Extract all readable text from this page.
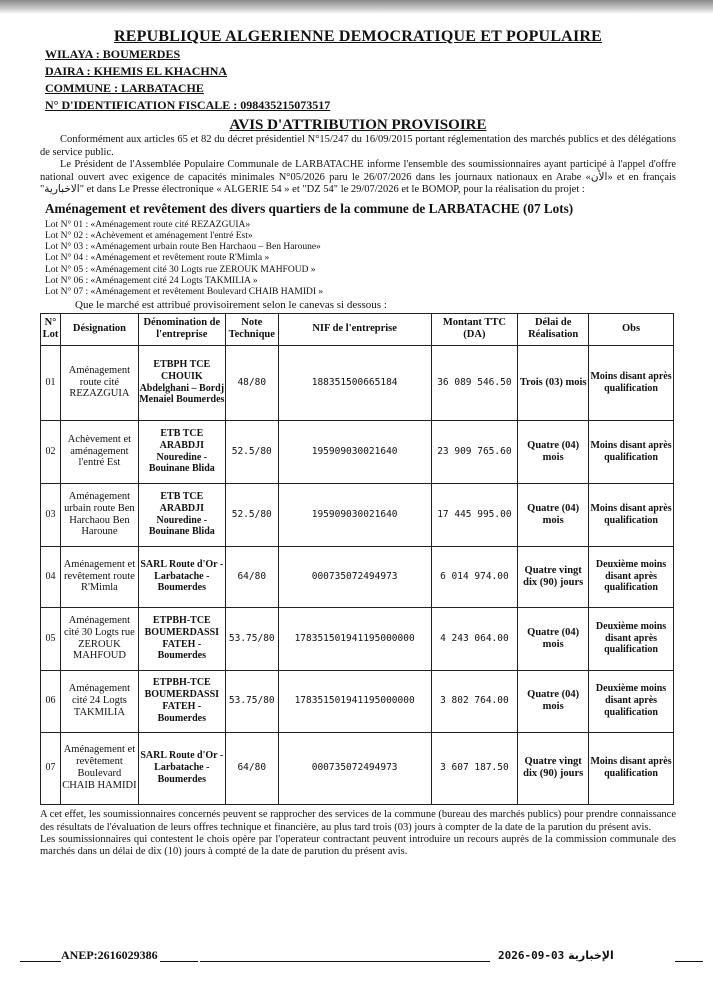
REPUBLIQUE ALGERIENNE DEMOCRATIQUE ET POPULAIRE
WILAYA : BOUMERDES
DAIRA : KHEMIS EL KHACHNA
COMMUNE : LARBATACHE
N° D'IDENTIFICATION FISCALE : 098435215073517
AVIS D'ATTRIBUTION PROVISOIRE

Conformément aux articles 65 et 82 du décret présidentiel N°15/247 du 16/09/2015 portant réglementation des marchés publics et des délégations de service public.

Le Président de l'Assemblée Populaire Communale de LARBATACHE informe l'ensemble des soumissionnaires ayant participé à l'appel d'offre national ouvert avec exigence de capacités minimales N°05/2026 paru le 26/07/2026 dans les journaux nationaux en Arabe «الأن» et en français "الاخبارية" et dans Le Presse électronique « ALGERIE 54 » et "DZ 54" le 29/07/2026 et le BOMOP, pour la réalisation du projet :

Aménagement et revêtement des divers quartiers de la commune de LARBATACHE (07 Lots)
Lot N° 01 : «Aménagement route cité REZAZGUIA»
Lot N° 02 : «Achèvement et aménagement l'entré Est»
Lot N° 03 : «Aménagement urbain route Ben Harchaou – Ben Haroune»
Lot N° 04 : «Aménagement et revêtement route R'Mimla »
Lot N° 05 : «Aménagement cité 30 Logts rue ZEROUK MAHFOUD »
Lot N° 06 : «Aménagement cité 24 Logts TAKMILIA »
Lot N° 07 : «Aménagement et revêtement Boulevard CHAIB HAMIDI »
Que le marché est attribué provisoirement selon le canevas si dessous :
N° Lot	Désignation	Dénomination de l'entreprise	Note Technique	NIF de l'entreprise	Montant TTC (DA)	Délai de Réalisation	Obs
01	Aménagement route cité REZAZGUIA	ETBPH TCE CHOUIK Abdelghani – Bordj Menaiel Boumerdes	48/80	188351500665184	36 089 546.50	Trois (03) mois	Moins disant après qualification
02	Achèvement et aménagement l'entré Est	ETB TCE ARABDJI Nouredine - Bouinane Blida	52.5/80	195909030021640	23 909 765.60	Quatre (04) mois	Moins disant après qualification
03	Aménagement urbain route Ben Harchaou Ben Haroune	ETB TCE ARABDJI Nouredine - Bouinane Blida	52.5/80	195909030021640	17 445 995.00	Quatre (04) mois	Moins disant après qualification
04	Aménagement et revêtement route R'Mimla	SARL Route d'Or -Larbatache - Boumerdes	64/80	000735072494973	6 014 974.00	Quatre vingt dix (90) jours	Deuxième moins disant après qualification
05	Aménagement cité 30 Logts rue ZEROUK MAHFOUD	ETPBH-TCE BOUMERDASSI FATEH - Boumerdes	53.75/80	178351501941195000000	4 243 064.00	Quatre (04) mois	Deuxième moins disant après qualification
06	Aménagement cité 24 Logts TAKMILIA	ETPBH-TCE BOUMERDASSI FATEH - Boumerdes	53.75/80	178351501941195000000	3 802 764.00	Quatre (04) mois	Deuxième moins disant après qualification
07	Aménagement et revêtement Boulevard CHAIB HAMIDI	SARL Route d'Or -Larbatache - Boumerdes	64/80	000735072494973	3 607 187.50	Quatre vingt dix (90) jours	Moins disant après qualification

A cet effet, les soumissionnaires concernés peuvent se rapprocher des services de la commune (bureau des marchés publics) pour prendre connaissance des résultats de l'évaluation de leurs offres technique et financière, au plus tard trois (03) jours à compter de la date de la parution du présent avis.

Les soumissionnaires qui contestent le chois opère par l'operateur contractant peuvent introduire un recours auprès de la commission communale des marchés dans un délai de dix (10) jours à compté de la date de parution du présent avis.

ANEP:2616029386	2026-09-03 الإخبارية
